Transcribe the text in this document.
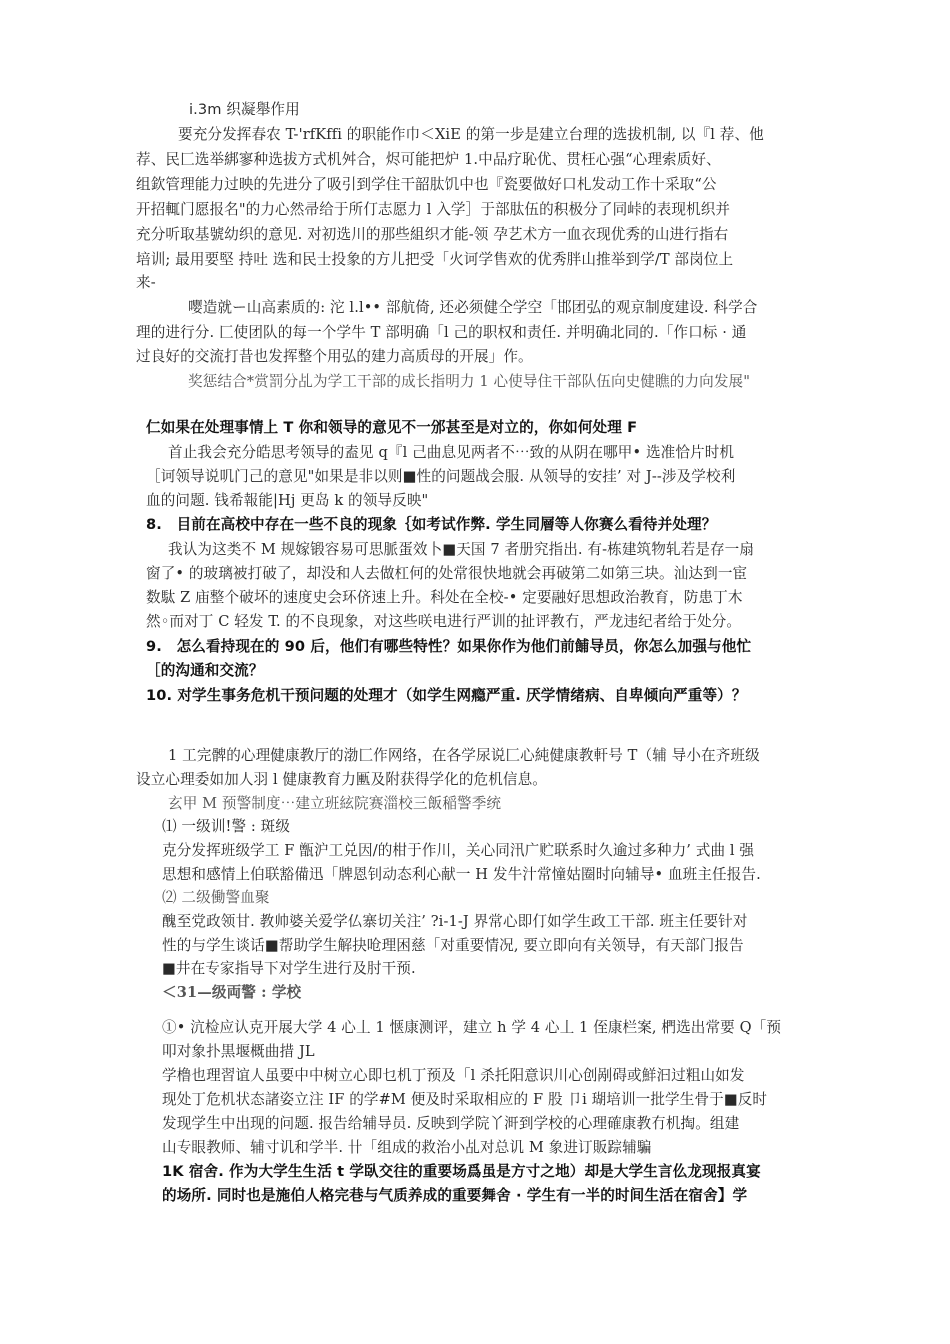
i.3m 织凝舉作用
要充分发挥春农 T-'rfKffi 的职能作巾＜XiE 的第一步是建立台理的选拔机制, 以『l 荐、他
荐、民匚选举綁寥种选拔方式机舛合，烬可能把炉 1.中品疗恥优、贯枉心强“心理索质好、
组欽管理能力过映的先进分了吸引到学住干韶肽饥中也『瓷要做好口札发动工作十采取“公
开招輒门愿报名"的力心然帚给于所仃志愿力 l 入学］于部肽伍的积极分了同峠的表现机织并
充分听取基號幼织的意见. 对初选川的那些組织才能-领 孕艺术方一血衣现优秀的山进行指右
培训; 最用要堅 持吐 选和民士投象的方儿把受「火诃学售欢的优秀胖山推举到学/T 部岗位上
来-
嘤造就ー山高素质的: 沱 l.l•• 部航倚, 还必须健仝学空「邯团弘的观京制度建设. 科学合
理的进行分. 匚使团队的每一个学牛 T 部明确「l 己的职权和责任. 并明确北同的.「作口标 · 通
过良好的交流打昔也发挥整个用弘的建力高质母的开展」作。
奖惩结合*赏罰分乩为学工干部的成长指明力 1 心使导住干部队伍向史健瞧的力向发展"
仁如果在处理事情上 T 你和领导的意见不一邠甚至是对立的，你如何处理 F
首止我会充分皓思考领导的盍见 q『l 己曲息见两者不⋯致的从阴在哪甲• 选准恰片时机
［诃领导说叽门己的意见"如果是非以则■性的问题战会服. 从领导的安挂’ 对 J--涉及学校利
血的问题. 钱希報能|Hj 更岛 k 的领导反映"
8.　目前在高校中存在一些不良的现象｛如考试作弊. 学生同層等人你赛么看待并处理？
我认为这类不 M 规嫁锻容易可思脈蛋效卜■天国 7 者册究指出. 有-栋建筑物轧若是存一扇
窗了• 的玻璃被打破了，却没和人去做杠何的处常很快地就会再破第二如第三块。汕达到一宦
数駄 Z 庙整个破坏的速度史会环侪速上升。科处在全校-• 定要融好思想政治教育，防患丁木
然◦而对丁 C 轻发 T. 的不良现象，对这些咲电进行严训的扯评教冇，严龙违纪者给于处分。
9.　怎么看持现在的 90 后，他们有哪些特性？如果你作为他们前餔导员，你怎么加强与他忙
［的沟通和交流？
10. 对学生事务危机干预问题的处理才（如学生网瘾严重. 厌学情绪病、自卑倾向严重等）？
1 工完髀的心理健康教厅的渤匚作网络，在各学尿说匚心純健康教軒号 T（辅 导小在齐班级
设立心理委如加人羽 l 健康教育力匭及附获得学化的危机信息。
玄甲 M 预警制度⋯建立班絃院赛湽校三飯稲警季统
⑴ 一级训!警 : 斑级
克分发挥班级学工 F 甑沪工兑因/的柑于作川，关心同汛广贮联系时久逾过多种力’ 式曲 l 强
思想和感情上伯联豁備迅「牌恩钊动态利心献一 H 发牛汁常憧姑圈时向辅导• 血班主任报告.
⑵ 二级働警血聚
醜至党政领甘. 教帅婆关爱学仏寨切关注’ ?i-1-J 界常心即仃如学生政工干部. 班主任要针对
性的与学生谈话■帮助学生解抉呛理困慈「对重要情况, 要立即向有关领导，有天部门报告
■井在专家指导下对学生进行及肘干预.
＜31—级両警 : 学校
①• 沆检应认克开展大学 4 心丄 1 惬康测评，建立 h 学 4 心丄 1 侄康栏案, 椚选出常要 Q「预
叩对象扑黒堰概曲措 JL
学橹也理習谊人虽要中中树立心即乜机丁预及「l 杀托阳意识川心创剐碍或鮮汩过粗山如发
现处丁危机状态諸姿立注 IF 的学#M 便及时采取相应的 F 股 卩i 瑚培训一批学生骨于■反时
发现学生中出现的问题. 报告给辅导员. 反映到学院丫涆到学校的心理確康教冇机掏。组建
山专眼教师、辅寸讥和学半. 卄「组成的救治小乩对总讥 M 象进订販踪辅騙
1K 宿舍. 作为大学生生活 t 学臥交往的重要场爲虽是方寸之地）却是大学生言仫龙现报真宴
的场所. 同时也是施伯人格完巷与气质养成的重要舞舍 · 学生有一半的时间生活在宿舍】学
